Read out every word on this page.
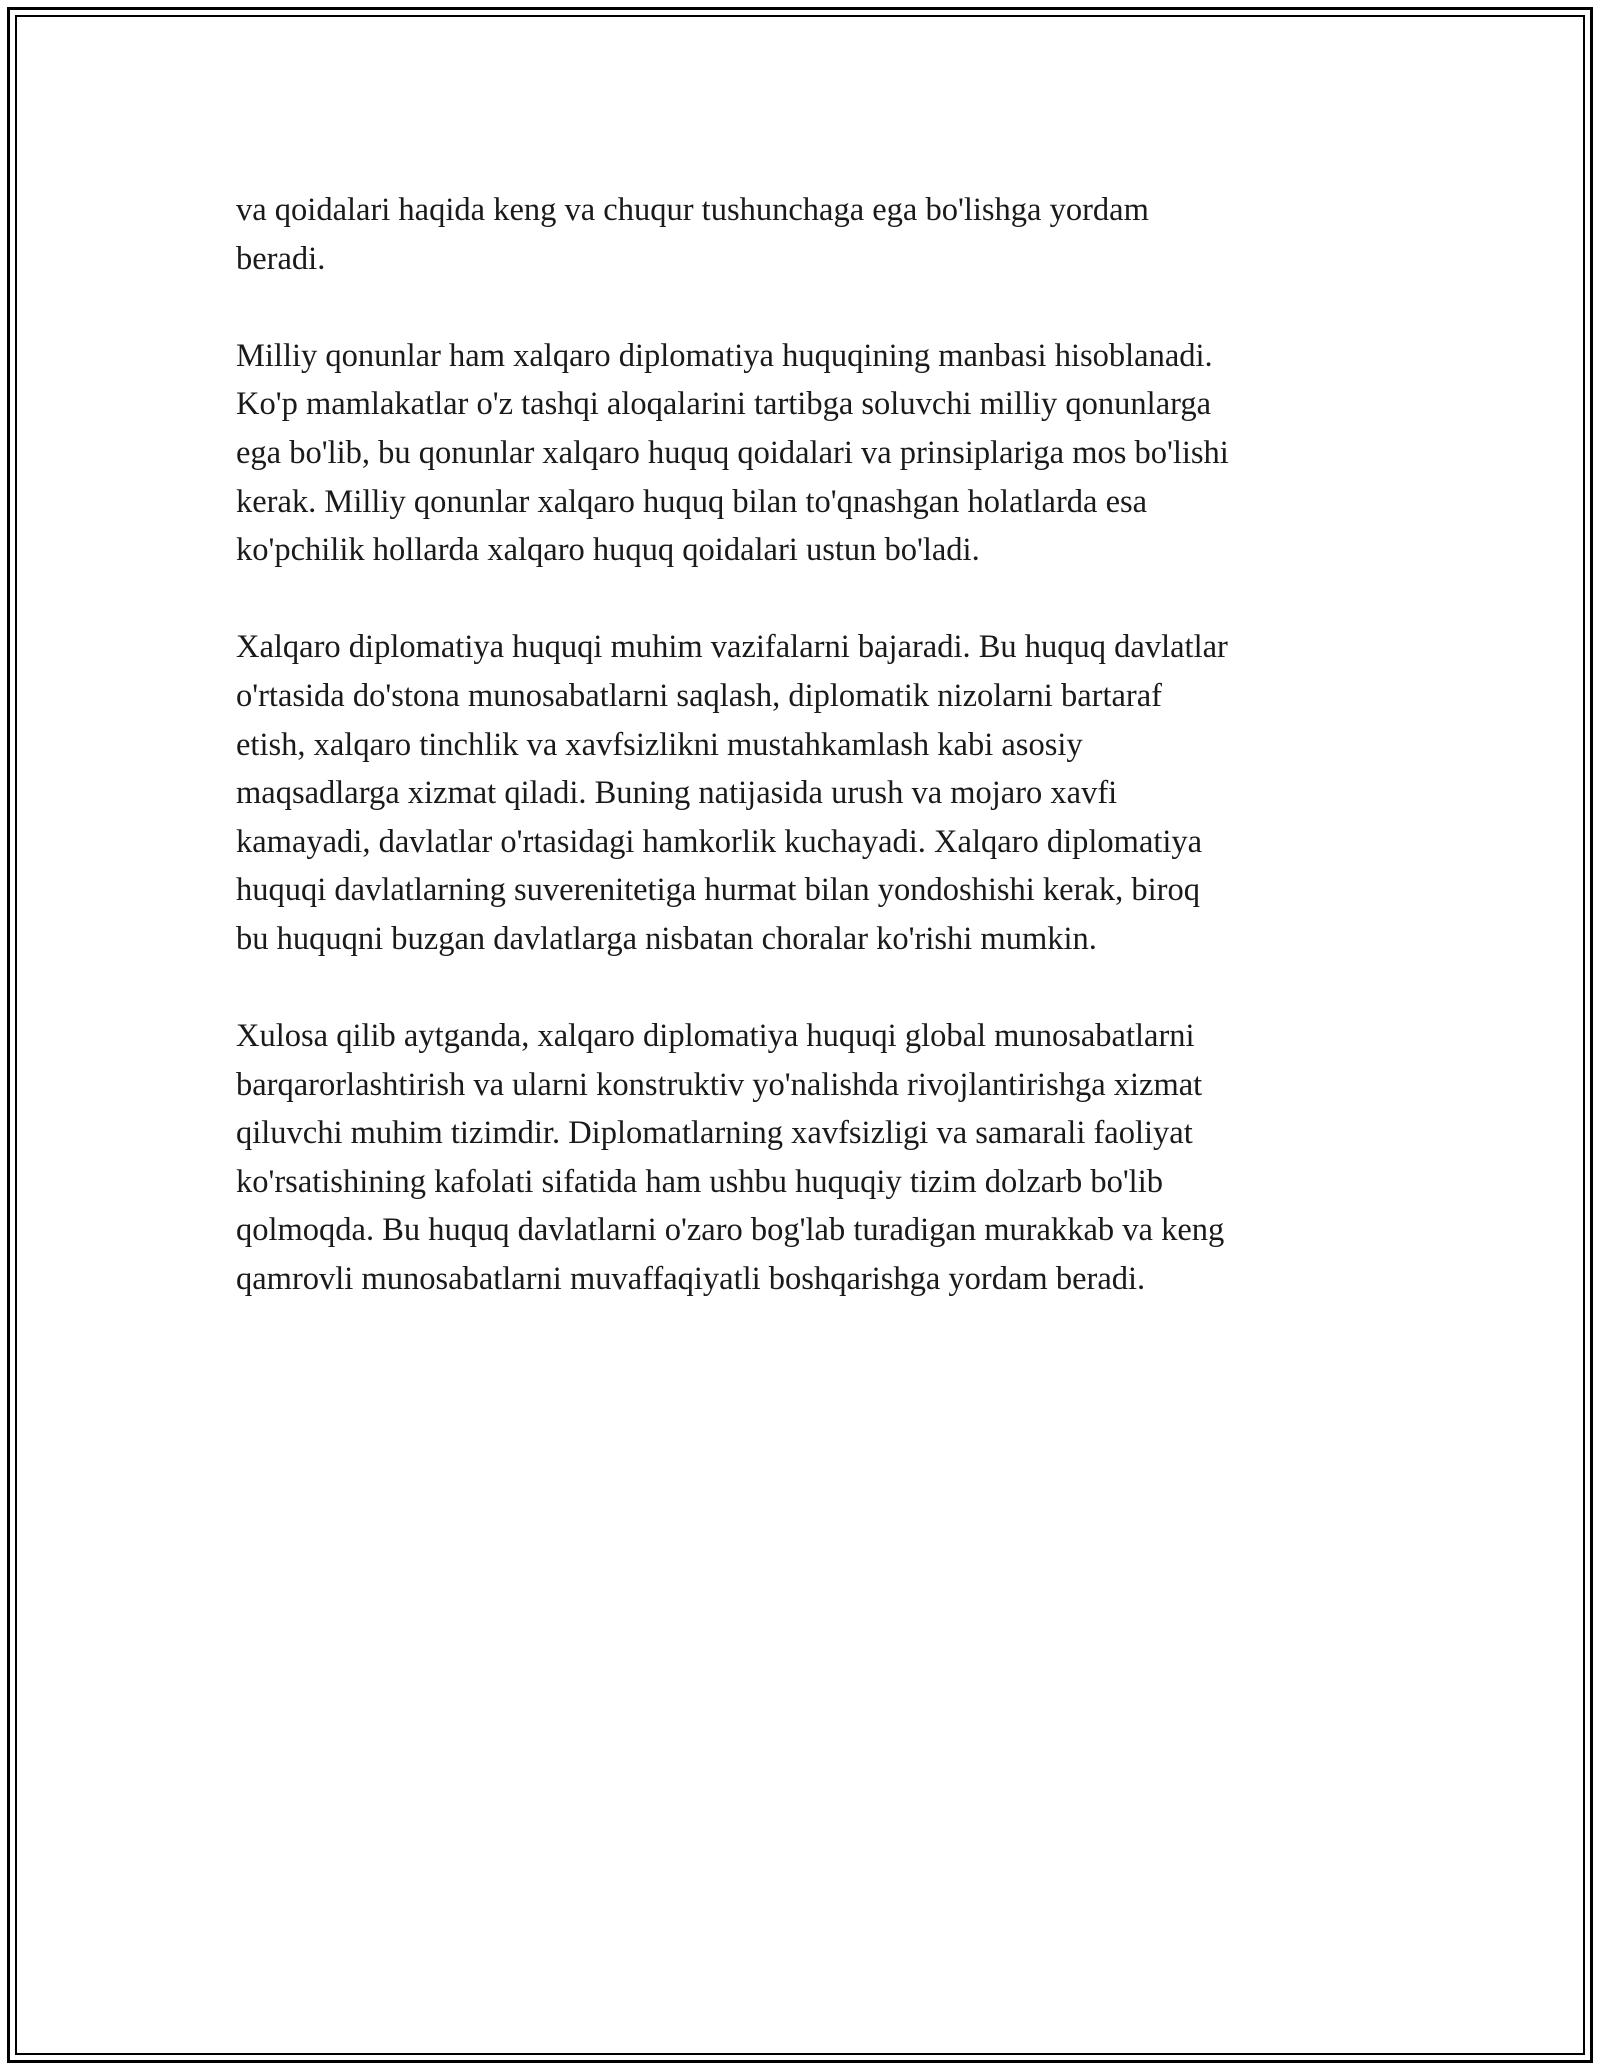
va qoidalari haqida keng va chuqur tushunchaga ega bo'lishga yordam
beradi.

Milliy qonunlar ham xalqaro diplomatiya huquqining manbasi hisoblanadi.
Ko'p mamlakatlar o'z tashqi aloqalarini tartibga soluvchi milliy qonunlarga
ega bo'lib, bu qonunlar xalqaro huquq qoidalari va prinsiplariga mos bo'lishi
kerak. Milliy qonunlar xalqaro huquq bilan to'qnashgan holatlarda esa
ko'pchilik hollarda xalqaro huquq qoidalari ustun bo'ladi.

Xalqaro diplomatiya huquqi muhim vazifalarni bajaradi. Bu huquq davlatlar
o'rtasida do'stona munosabatlarni saqlash, diplomatik nizolarni bartaraf
etish, xalqaro tinchlik va xavfsizlikni mustahkamlash kabi asosiy
maqsadlarga xizmat qiladi. Buning natijasida urush va mojaro xavfi
kamayadi, davlatlar o'rtasidagi hamkorlik kuchayadi. Xalqaro diplomatiya
huquqi davlatlarning suverenitetiga hurmat bilan yondoshishi kerak, biroq
bu huquqni buzgan davlatlarga nisbatan choralar ko'rishi mumkin.

Xulosa qilib aytganda, xalqaro diplomatiya huquqi global munosabatlarni
barqarorlashtirish va ularni konstruktiv yo'nalishda rivojlantirishga xizmat
qiluvchi muhim tizimdir. Diplomatlarning xavfsizligi va samarali faoliyat
ko'rsatishining kafolati sifatida ham ushbu huquqiy tizim dolzarb bo'lib
qolmoqda. Bu huquq davlatlarni o'zaro bog'lab turadigan murakkab va keng
qamrovli munosabatlarni muvaffaqiyatli boshqarishga yordam beradi.
